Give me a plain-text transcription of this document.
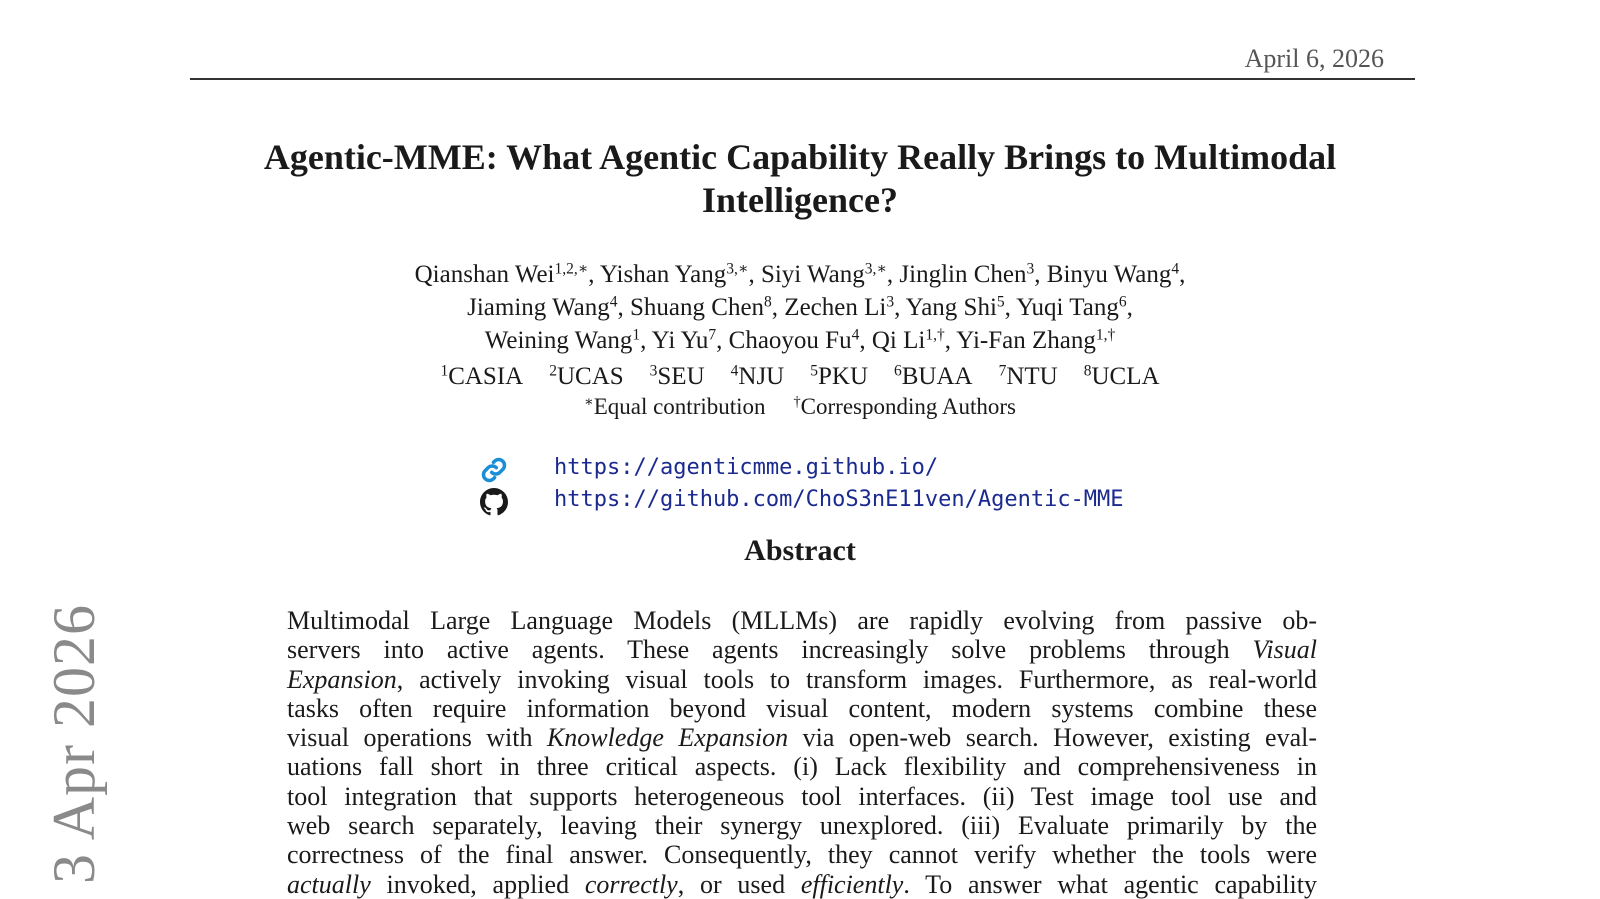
April 6, 2026
Agentic-MME: What Agentic Capability Really Brings to Multimodal
Intelligence?
Qianshan Wei$^{1,2,∗}$, Yishan Yang$^{3,∗}$, Siyi Wang$^{3,∗}$, Jinglin Chen$^3$, Binyu Wang$^4$,
Jiaming Wang$^4$, Shuang Chen$^8$, Zechen Li$^3$, Yang Shi$^5$, Yuqi Tang$^6$,
Weining Wang$^1$, Yi Yu$^7$, Chaoyou Fu$^4$, Qi $Li^{1,\dagger}$, Yi-Fan Zhang$^{1,\dagger}$
$^1$CASIA $^2$UCAS $^3$SEU $^4$NJU $^5$PKU $^6$BUAA $^7$NTU $^8$UCLA
∗Equal contribution †Corresponding Authors
https://agenticmme.github.io/
https://github.com/ChoS3nE11ven/Agentic-MME
Abstract
Multimodal Large Language Models (MLLMs) are rapidly evolving from passive ob-
servers into active agents. These agents increasingly solve problems through Visual
Expansion, actively invoking visual tools to transform images. Furthermore, as real-world
tasks often require information beyond visual content, modern systems combine these
visual operations with Knowledge Expansion via open-web search. However, existing eval-
uations fall short in three critical aspects. (i) Lack flexibility and comprehensiveness in
tool integration that supports heterogeneous tool interfaces. (ii) Test image tool use and
web search separately, leaving their synergy unexplored. (iii) Evaluate primarily by the
correctness of the final answer. Consequently, they cannot verify whether the tools were
actually invoked, applied correctly, or used efficiently. To answer what agentic capability
3 Apr 2026
